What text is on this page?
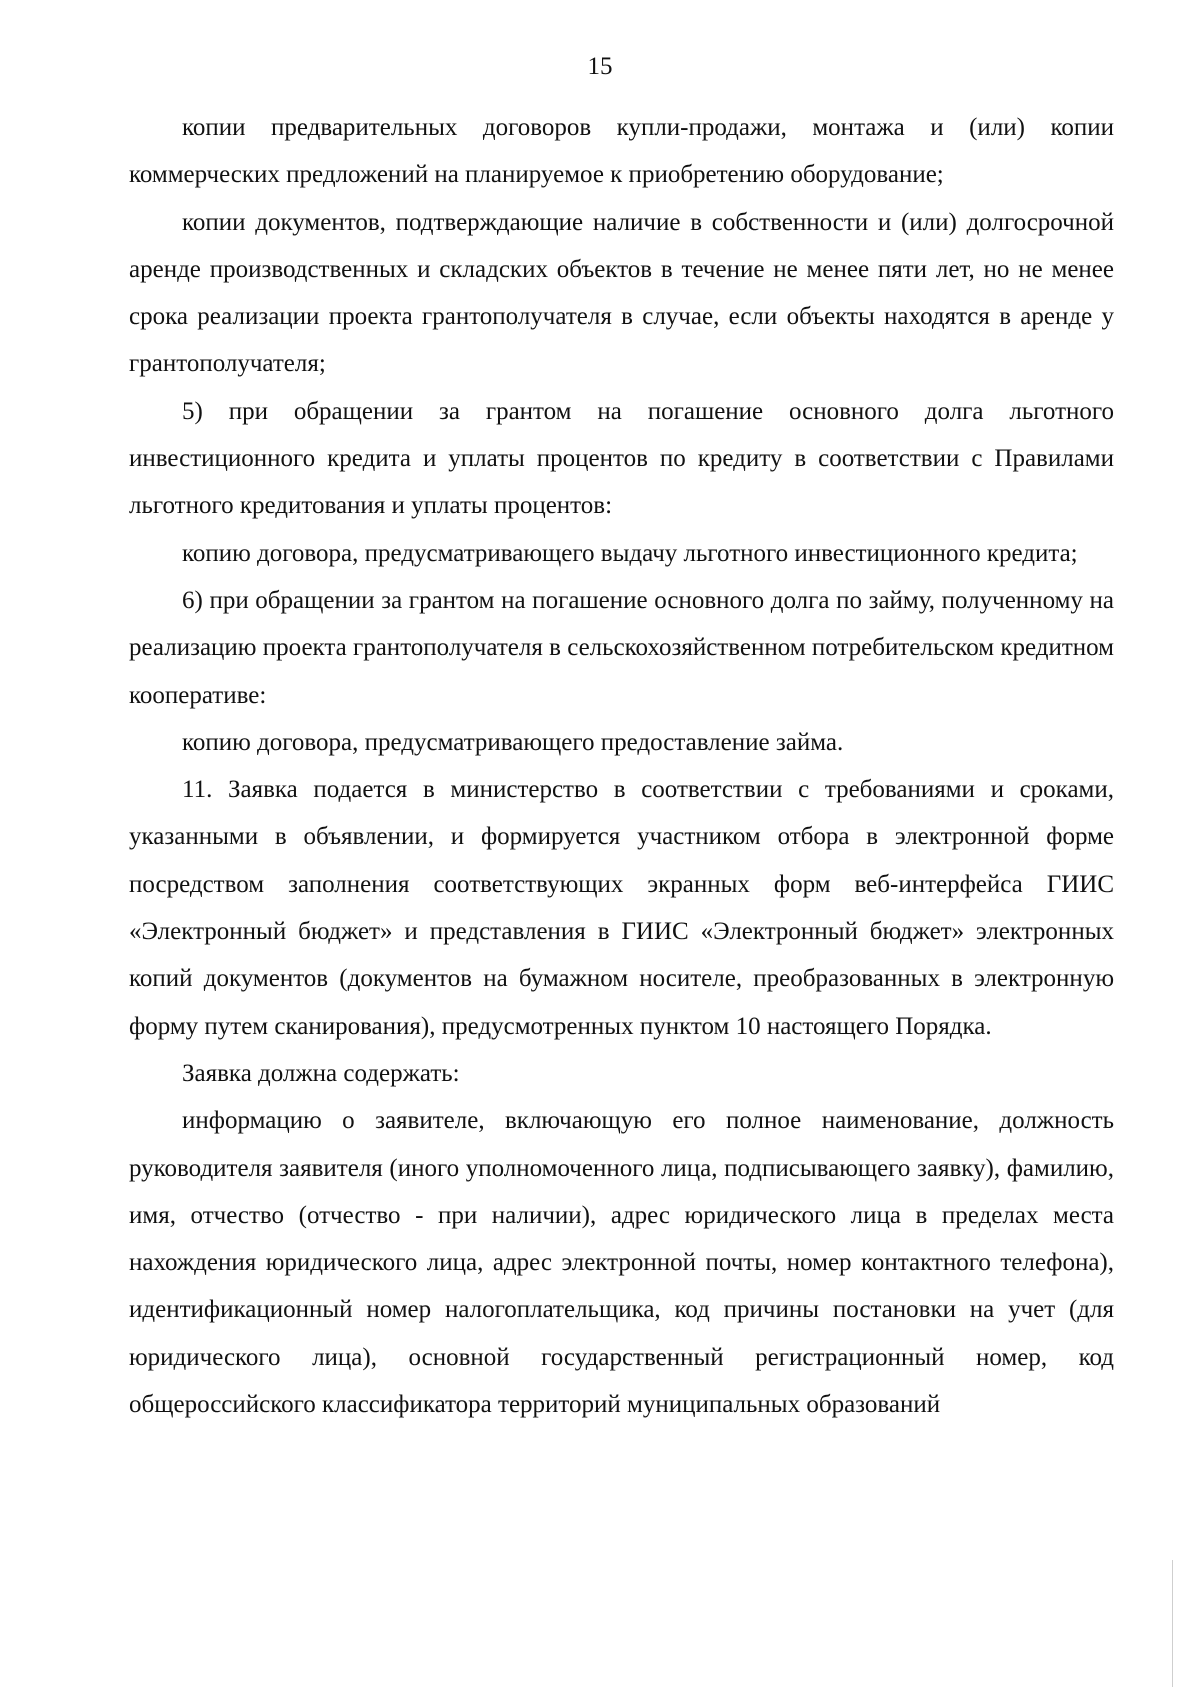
15

копии предварительных договоров купли-продажи, монтажа и (или) копии коммерческих предложений на планируемое к приобретению оборудование;

копии документов, подтверждающие наличие в собственности и (или) долгосрочной аренде производственных и складских объектов в течение не менее пяти лет, но не менее срока реализации проекта грантополучателя в случае, если объекты находятся в аренде у грантополучателя;

5) при обращении за грантом на погашение основного долга льготного инвестиционного кредита и уплаты процентов по кредиту в соответствии с Правилами льготного кредитования и уплаты процентов:

копию договора, предусматривающего выдачу льготного инвестиционного кредита;

6) при обращении за грантом на погашение основного долга по займу, полученному на реализацию проекта грантополучателя в сельскохозяйственном потребительском кредитном кооперативе:

копию договора, предусматривающего предоставление займа.

11. Заявка подается в министерство в соответствии с требованиями и сроками, указанными в объявлении, и формируется участником отбора в электронной форме посредством заполнения соответствующих экранных форм веб-интерфейса ГИИС «Электронный бюджет» и представления в ГИИС «Электронный бюджет» электронных копий документов (документов на бумажном носителе, преобразованных в электронную форму путем сканирования), предусмотренных пунктом 10 настоящего Порядка.

Заявка должна содержать:

информацию о заявителе, включающую его полное наименование, должность руководителя заявителя (иного уполномоченного лица, подписывающего заявку), фамилию, имя, отчество (отчество - при наличии), адрес юридического лица в пределах места нахождения юридического лица, адрес электронной почты, номер контактного телефона), идентификационный номер налогоплательщика, код причины постановки на учет (для юридического лица), основной государственный регистрационный номер, код общероссийского классификатора территорий муниципальных образований
